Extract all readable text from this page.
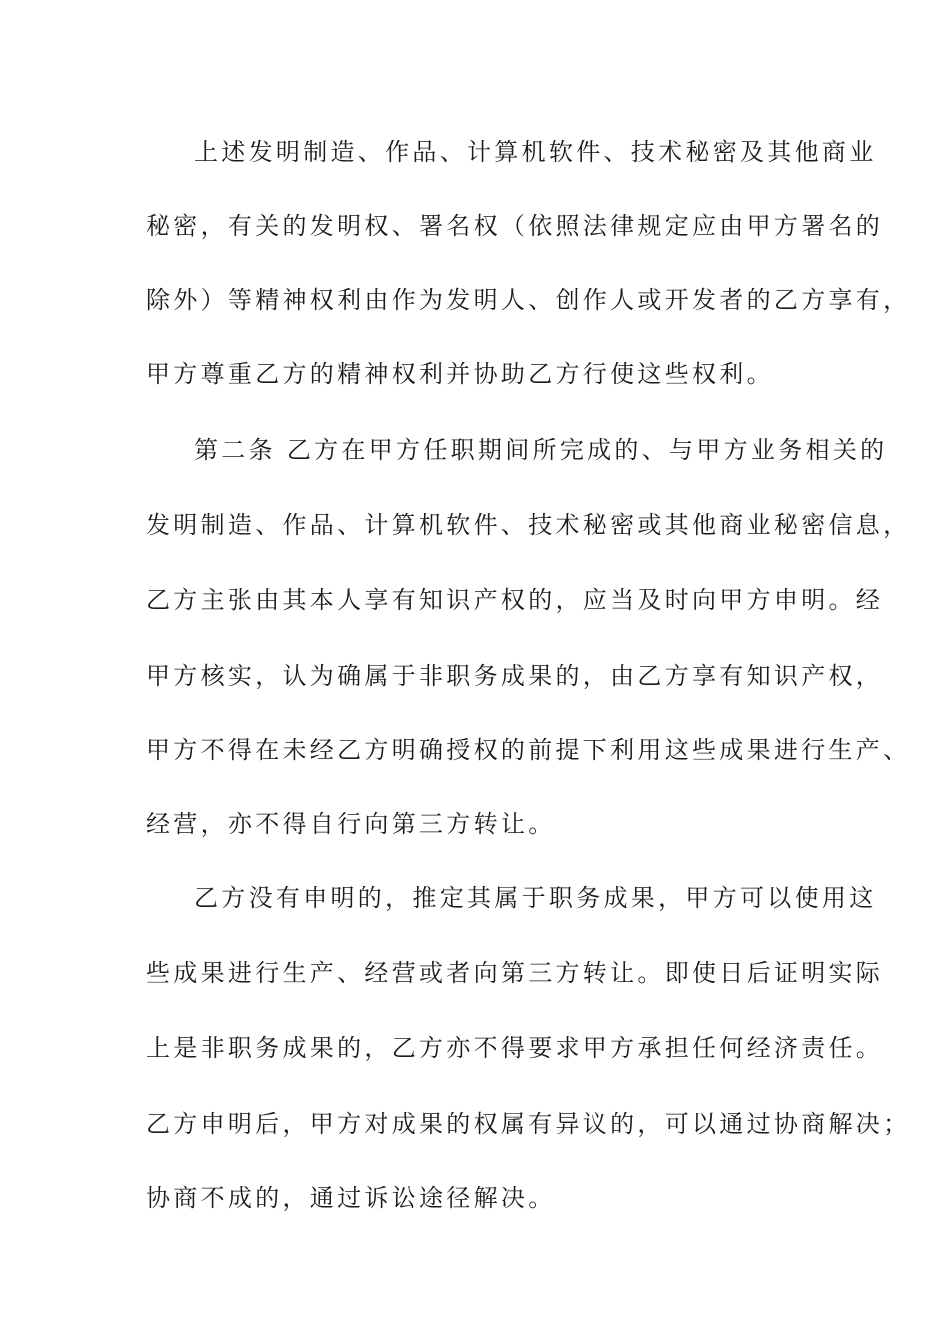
上述发明制造、作品、计算机软件、技术秘密及其他商业
秘密，有关的发明权、署名权（依照法律规定应由甲方署名的
除外）等精神权利由作为发明人、创作人或开发者的乙方享有，
甲方尊重乙方的精神权利并协助乙方行使这些权利。
第二条 乙方在甲方任职期间所完成的、与甲方业务相关的
发明制造、作品、计算机软件、技术秘密或其他商业秘密信息，
乙方主张由其本人享有知识产权的，应当及时向甲方申明。经
甲方核实，认为确属于非职务成果的，由乙方享有知识产权，
甲方不得在未经乙方明确授权的前提下利用这些成果进行生产、
经营，亦不得自行向第三方转让。
乙方没有申明的，推定其属于职务成果，甲方可以使用这
些成果进行生产、经营或者向第三方转让。即使日后证明实际
上是非职务成果的，乙方亦不得要求甲方承担任何经济责任。
乙方申明后，甲方对成果的权属有异议的，可以通过协商解决；
协商不成的，通过诉讼途径解决。
